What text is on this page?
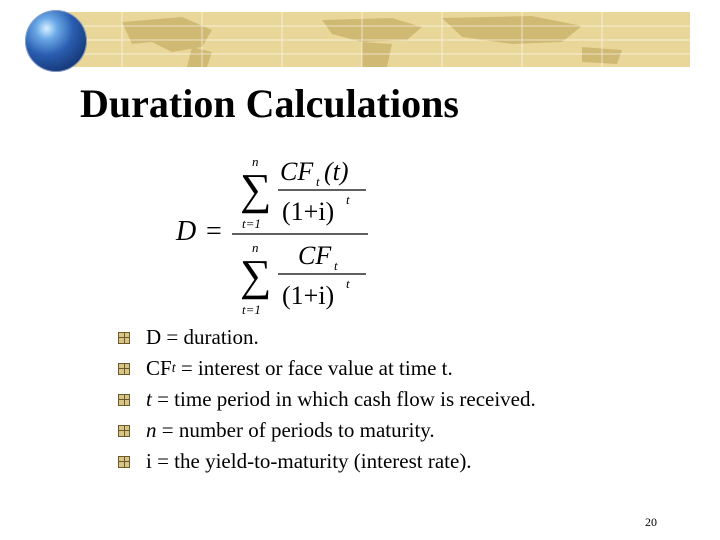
Duration Calculations
D =
n
∑
t=1
CF t (t)
(1+i) t
n
∑
t=1
CF t
(1+i) t
D = duration.
CF t = interest or face value at time t.
t = time period in which cash flow is received.
n = number of periods to maturity.
i = the yield-to-maturity (interest rate).
20
